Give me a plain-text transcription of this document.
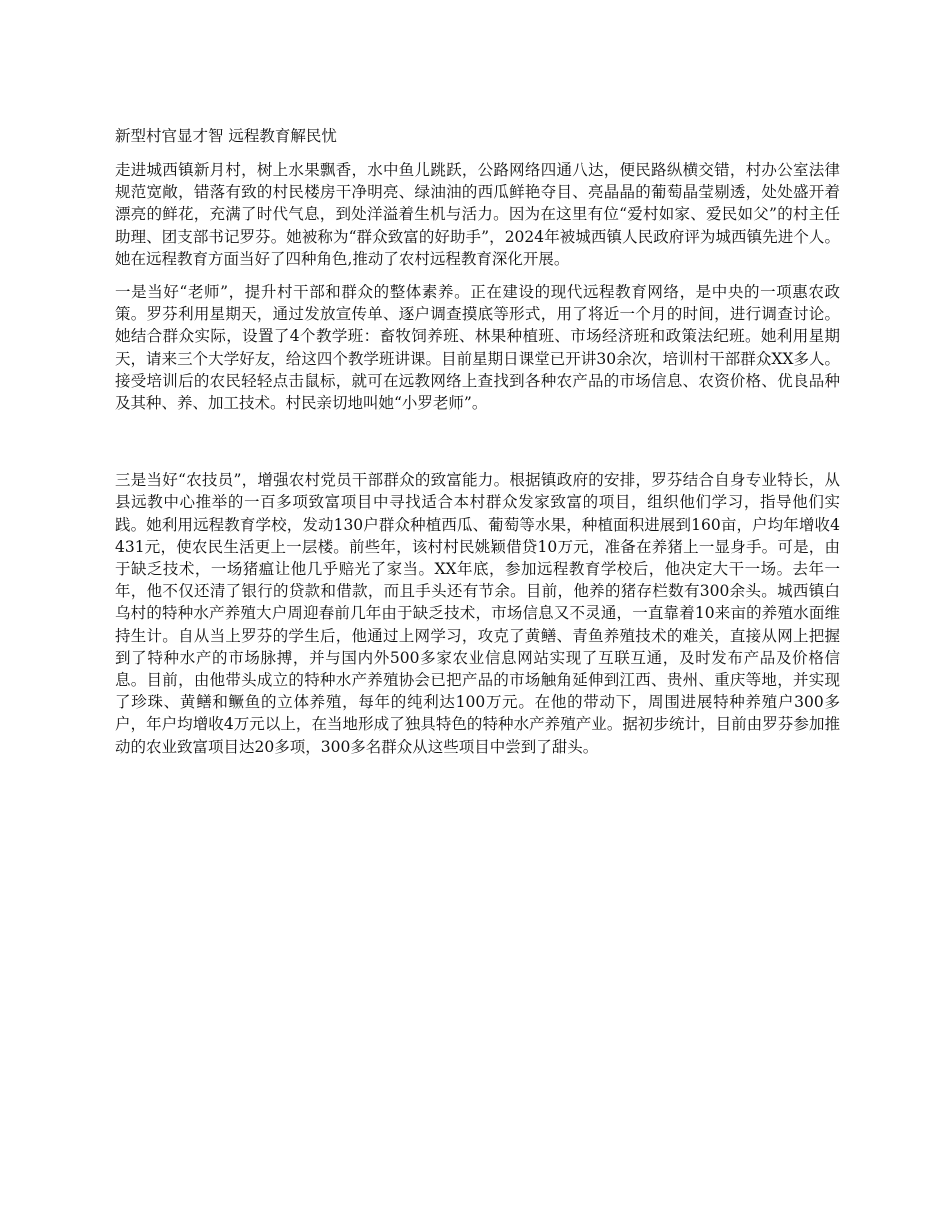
新型村官显才智 远程教育解民忧

走进城西镇新月村，树上水果飘香，水中鱼儿跳跃，公路网络四通八达，便民路纵横交错，村办公室法律规范宽敞，错落有致的村民楼房干净明亮、绿油油的西瓜鲜艳夺目、亮晶晶的葡萄晶莹剔透，处处盛开着漂亮的鲜花，充满了时代气息，到处洋溢着生机与活力。因为在这里有位“爱村如家、爱民如父”的村主任助理、团支部书记罗芬。她被称为“群众致富的好助手”，2024年被城西镇人民政府评为城西镇先进个人。她在远程教育方面当好了四种角色,推动了农村远程教育深化开展。

一是当好“老师”，提升村干部和群众的整体素养。正在建设的现代远程教育网络，是中央的一项惠农政策。罗芬利用星期天，通过发放宣传单、逐户调查摸底等形式，用了将近一个月的时间，进行调查讨论。她结合群众实际，设置了4个教学班：畜牧饲养班、林果种植班、市场经济班和政策法纪班。她利用星期天，请来三个大学好友，给这四个教学班讲课。目前星期日课堂已开讲30余次，培训村干部群众XX多人。接受培训后的农民轻轻点击鼠标，就可在远教网络上查找到各种农产品的市场信息、农资价格、优良品种及其种、养、加工技术。村民亲切地叫她“小罗老师”。

三是当好“农技员”，增强农村党员干部群众的致富能力。根据镇政府的安排，罗芬结合自身专业特长，从县远教中心推举的一百多项致富项目中寻找适合本村群众发家致富的项目，组织他们学习，指导他们实践。她利用远程教育学校，发动130户群众种植西瓜、葡萄等水果，种植面积进展到160亩，户均年增收4431元，使农民生活更上一层楼。前些年，该村村民姚颖借贷10万元，准备在养猪上一显身手。可是，由于缺乏技术，一场猪瘟让他几乎赔光了家当。XX年底，参加远程教育学校后，他决定大干一场。去年一年，他不仅还清了银行的贷款和借款，而且手头还有节余。目前，他养的猪存栏数有300余头。城西镇白乌村的特种水产养殖大户周迎春前几年由于缺乏技术，市场信息又不灵通，一直靠着10来亩的养殖水面维持生计。自从当上罗芬的学生后，他通过上网学习，攻克了黄鳝、青鱼养殖技术的难关，直接从网上把握到了特种水产的市场脉搏，并与国内外500多家农业信息网站实现了互联互通，及时发布产品及价格信息。目前，由他带头成立的特种水产养殖协会已把产品的市场触角延伸到江西、贵州、重庆等地，并实现了珍珠、黄鳝和鳜鱼的立体养殖，每年的纯利达100万元。在他的带动下，周围进展特种养殖户300多户，年户均增收4万元以上，在当地形成了独具特色的特种水产养殖产业。据初步统计，目前由罗芬参加推动的农业致富项目达20多项，300多名群众从这些项目中尝到了甜头。
